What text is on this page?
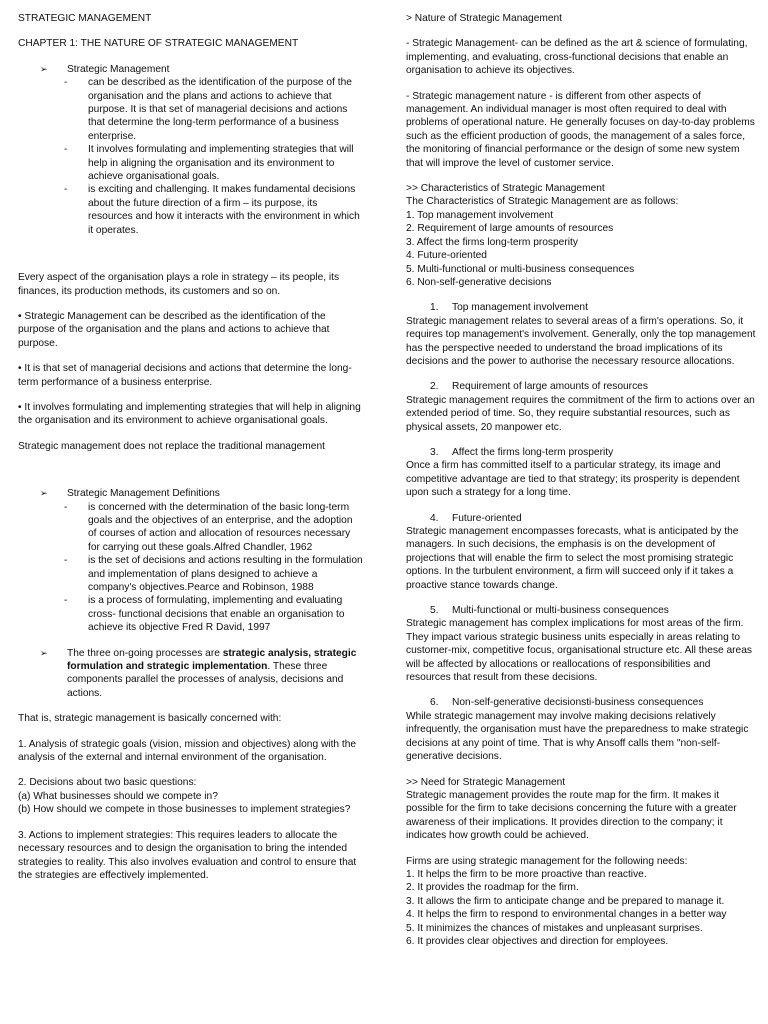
STRATEGIC MANAGEMENT

CHAPTER 1: THE NATURE OF STRATEGIC MANAGEMENT

➢ Strategic Management
- can be described as the identification of the purpose of the organisation and the plans and actions to achieve that purpose. It is that set of managerial decisions and actions that determine the long-term performance of a business enterprise.
- It involves formulating and implementing strategies that will help in aligning the organisation and its environment to achieve organisational goals.
- is exciting and challenging. It makes fundamental decisions about the future direction of a firm – its purpose, its resources and how it interacts with the environment in which it operates.

Every aspect of the organisation plays a role in strategy – its people, its finances, its production methods, its customers and so on.

• Strategic Management can be described as the identification of the purpose of the organisation and the plans and actions to achieve that purpose.

• It is that set of managerial decisions and actions that determine the long-term performance of a business enterprise.

• It involves formulating and implementing strategies that will help in aligning the organisation and its environment to achieve organisational goals.

Strategic management does not replace the traditional management

➢ Strategic Management Definitions
- is concerned with the determination of the basic long-term goals and the objectives of an enterprise, and the adoption of courses of action and allocation of resources necessary for carrying out these goals.Alfred Chandler, 1962
- is the set of decisions and actions resulting in the formulation and implementation of plans designed to achieve a company's objectives.Pearce and Robinson, 1988
- is a process of formulating, implementing and evaluating cross- functional decisions that enable an organisation to achieve its objective Fred R David, 1997
➢ The three on-going processes are strategic analysis, strategic formulation and strategic implementation. These three components parallel the processes of analysis, decisions and actions.

That is, strategic management is basically concerned with:

1. Analysis of strategic goals (vision, mission and objectives) along with the analysis of the external and internal environment of the organisation.

2. Decisions about two basic questions:

(a) What businesses should we compete in?

(b) How should we compete in those businesses to implement strategies?

3. Actions to implement strategies: This requires leaders to allocate the necessary resources and to design the organisation to bring the intended strategies to reality. This also involves evaluation and control to ensure that the strategies are effectively implemented.

> Nature of Strategic Management

- Strategic Management- can be defined as the art & science of formulating, implementing, and evaluating, cross-functional decisions that enable an organisation to achieve its objectives.

- Strategic management nature - is different from other aspects of management. An individual manager is most often required to deal with problems of operational nature. He generally focuses on day-to-day problems such as the efficient production of goods, the management of a sales force, the monitoring of financial performance or the design of some new system that will improve the level of customer service.

>> Characteristics of Strategic Management

The Characteristics of Strategic Management are as follows:

1. Top management involvement

2. Requirement of large amounts of resources

3. Affect the firms long-term prosperity

4. Future-oriented

5. Multi-functional or multi-business consequences

6. Non-self-generative decisions

1. Top management involvement

Strategic management relates to several areas of a firm's operations. So, it requires top management's involvement. Generally, only the top management has the perspective needed to understand the broad implications of its decisions and the power to authorise the necessary resource allocations.

2. Requirement of large amounts of resources

Strategic management requires the commitment of the firm to actions over an extended period of time. So, they require substantial resources, such as physical assets, 20 manpower etc.

3. Affect the firms long-term prosperity

Once a firm has committed itself to a particular strategy, its image and competitive advantage are tied to that strategy; its prosperity is dependent upon such a strategy for a long time.

4. Future-oriented

Strategic management encompasses forecasts, what is anticipated by the managers. In such decisions, the emphasis is on the development of projections that will enable the firm to select the most promising strategic options. In the turbulent environment, a firm will succeed only if it takes a proactive stance towards change.

5. Multi-functional or multi-business consequences

Strategic management has complex implications for most areas of the firm. They impact various strategic business units especially in areas relating to customer-mix, competitive focus, organisational structure etc. All these areas will be affected by allocations or reallocations of responsibilities and resources that result from these decisions.

6. Non-self-generative decisionsti-business consequences

While strategic management may involve making decisions relatively infrequently, the organisation must have the preparedness to make strategic decisions at any point of time. That is why Ansoff calls them "non-self-generative decisions.

>> Need for Strategic Management

Strategic management provides the route map for the firm. It makes it possible for the firm to take decisions concerning the future with a greater awareness of their implications. It provides direction to the company; it indicates how growth could be achieved.

Firms are using strategic management for the following needs:

1. It helps the firm to be more proactive than reactive.

2. It provides the roadmap for the firm.

3. It allows the firm to anticipate change and be prepared to manage it.

4. It helps the firm to respond to environmental changes in a better way

5. It minimizes the chances of mistakes and unpleasant surprises.

6. It provides clear objectives and direction for employees.
